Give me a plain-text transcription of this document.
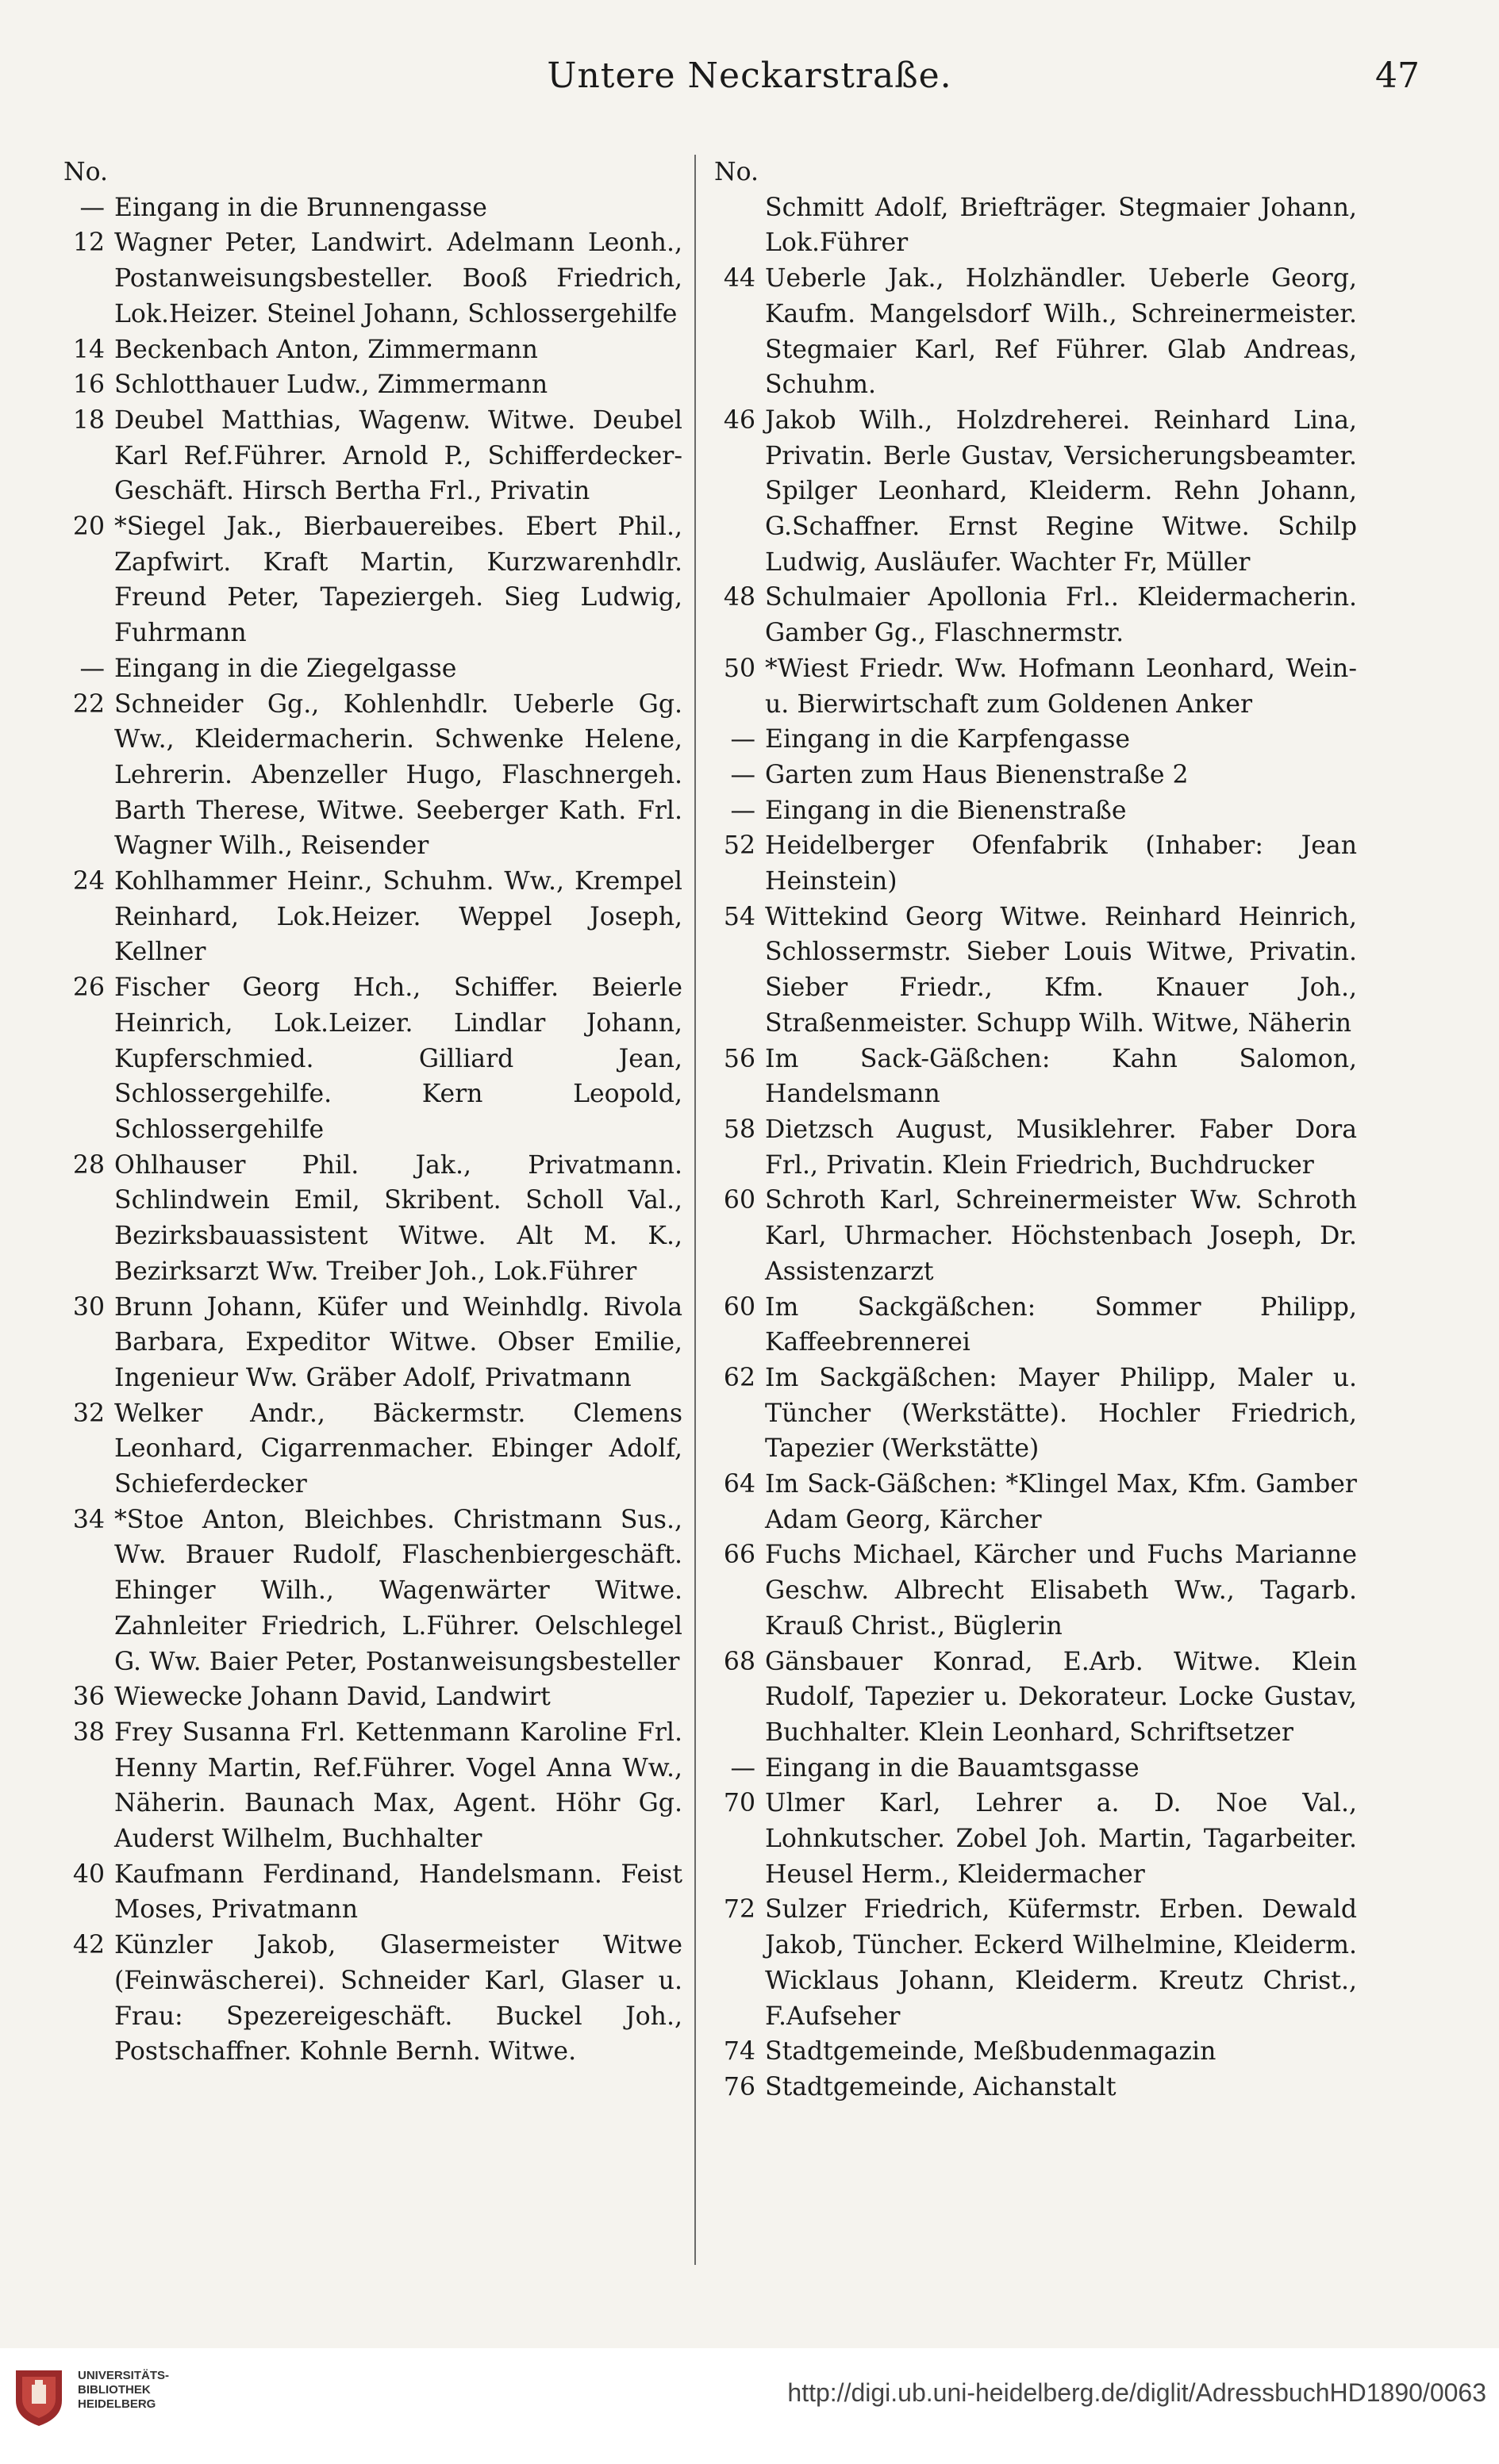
Untere Neckarstraße.	47
No.
— Eingang in die Brunnengasse
12 Wagner Peter, Landwirt. Adelmann Leonh., Postanweisungsbesteller. Booß Friedrich, Lok.Heizer. Steinel Johann, Schlossergehilfe
14 Beckenbach Anton, Zimmermann
16 Schlotthauer Ludw., Zimmermann
18 Deubel Matthias, Wagenw. Witwe. Deubel Karl Ref.Führer. Arnold P., Schifferdecker-Geschäft. Hirsch Bertha Frl., Privatin
20 *Siegel Jak., Bierbauereibes. Ebert Phil., Zapfwirt. Kraft Martin, Kurzwarenhdlr. Freund Peter, Tapeziergeh. Sieg Ludwig, Fuhrmann
— Eingang in die Ziegelgasse
22 Schneider Gg., Kohlenhdlr. Ueberle Gg. Ww., Kleidermacherin. Schwenke Helene, Lehrerin. Abenzeller Hugo, Flaschnergeh. Barth Therese, Witwe. Seeberger Kath. Frl. Wagner Wilh., Reisender
24 Kohlhammer Heinr., Schuhm. Ww., Krempel Reinhard, Lok.Heizer. Weppel Joseph, Kellner
26 Fischer Georg Hch., Schiffer. Beierle Heinrich, Lok.Leizer. Lindlar Johann, Kupferschmied. Gilliard Jean, Schlossergehilfe. Kern Leopold, Schlossergehilfe
28 Ohlhauser Phil. Jak., Privatmann. Schlindwein Emil, Skribent. Scholl Val., Bezirksbauassistent Witwe. Alt M. K., Bezirksarzt Ww. Treiber Joh., Lok.Führer
30 Brunn Johann, Küfer und Weinhdlg. Rivola Barbara, Expeditor Witwe. Obser Emilie, Ingenieur Ww. Gräber Adolf, Privatmann
32 Welker Andr., Bäckermstr. Clemens Leonhard, Cigarrenmacher. Ebinger Adolf, Schieferdecker
34 *Stoe Anton, Bleichbes. Christmann Sus., Ww. Brauer Rudolf, Flaschenbiergeschäft. Ehinger Wilh., Wagenwärter Witwe. Zahnleiter Friedrich, L.Führer. Oelschlegel G. Ww. Baier Peter, Postanweisungsbesteller
36 Wiewecke Johann David, Landwirt
38 Frey Susanna Frl. Kettenmann Karoline Frl. Henny Martin, Ref.Führer. Vogel Anna Ww., Näherin. Baunach Max, Agent. Höhr Gg. Auderst Wilhelm, Buchhalter
40 Kaufmann Ferdinand, Handelsmann. Feist Moses, Privatmann
42 Künzler Jakob, Glasermeister Witwe (Feinwäscherei). Schneider Karl, Glaser u. Frau: Spezereigeschäft. Buckel Joh., Postschaffner. Kohnle Bernh. Witwe.
No.
Schmitt Adolf, Briefträger. Stegmaier Johann, Lok.Führer
44 Ueberle Jak., Holzhändler. Ueberle Georg, Kaufm. Mangelsdorf Wilh., Schreinermeister. Stegmaier Karl, Ref Führer. Glab Andreas, Schuhm.
46 Jakob Wilh., Holzdreherei. Reinhard Lina, Privatin. Berle Gustav, Versicherungsbeamter. Spilger Leonhard, Kleiderm. Rehn Johann, G.Schaffner. Ernst Regine Witwe. Schilp Ludwig, Ausläufer. Wachter Fr, Müller
48 Schulmaier Apollonia Frl.. Kleidermacherin. Gamber Gg., Flaschnermstr.
50 *Wiest Friedr. Ww. Hofmann Leonhard, Wein- u. Bierwirtschaft zum Goldenen Anker
— Eingang in die Karpfengasse
— Garten zum Haus Bienenstraße 2
— Eingang in die Bienenstraße
52 Heidelberger Ofenfabrik (Inhaber: Jean Heinstein)
54 Wittekind Georg Witwe. Reinhard Heinrich, Schlossermstr. Sieber Louis Witwe, Privatin. Sieber Friedr., Kfm. Knauer Joh., Straßenmeister. Schupp Wilh. Witwe, Näherin
56 Im Sack-Gäßchen: Kahn Salomon, Handelsmann
58 Dietzsch August, Musiklehrer. Faber Dora Frl., Privatin. Klein Friedrich, Buchdrucker
60 Schroth Karl, Schreinermeister Ww. Schroth Karl, Uhrmacher. Höchstenbach Joseph, Dr. Assistenzarzt
60 Im Sackgäßchen: Sommer Philipp, Kaffeebrennerei
62 Im Sackgäßchen: Mayer Philipp, Maler u. Tüncher (Werkstätte). Hochler Friedrich, Tapezier (Werkstätte)
64 Im Sack-Gäßchen: *Klingel Max, Kfm. Gamber Adam Georg, Kärcher
66 Fuchs Michael, Kärcher und Fuchs Marianne Geschw. Albrecht Elisabeth Ww., Tagarb. Krauß Christ., Büglerin
68 Gänsbauer Konrad, E.Arb. Witwe. Klein Rudolf, Tapezier u. Dekorateur. Locke Gustav, Buchhalter. Klein Leonhard, Schriftsetzer
— Eingang in die Bauamtsgasse
70 Ulmer Karl, Lehrer a. D. Noe Val., Lohnkutscher. Zobel Joh. Martin, Tagarbeiter. Heusel Herm., Kleidermacher
72 Sulzer Friedrich, Küfermstr. Erben. Dewald Jakob, Tüncher. Eckerd Wilhelmine, Kleiderm. Wicklaus Johann, Kleiderm. Kreutz Christ., F.Aufseher
74 Stadtgemeinde, Meßbudenmagazin
76 Stadtgemeinde, Aichanstalt
UNIVERSITÄTS-
BIBLIOTHEK
HEIDELBERG	http://digi.ub.uni-heidelberg.de/diglit/AdressbuchHD1890/0063
